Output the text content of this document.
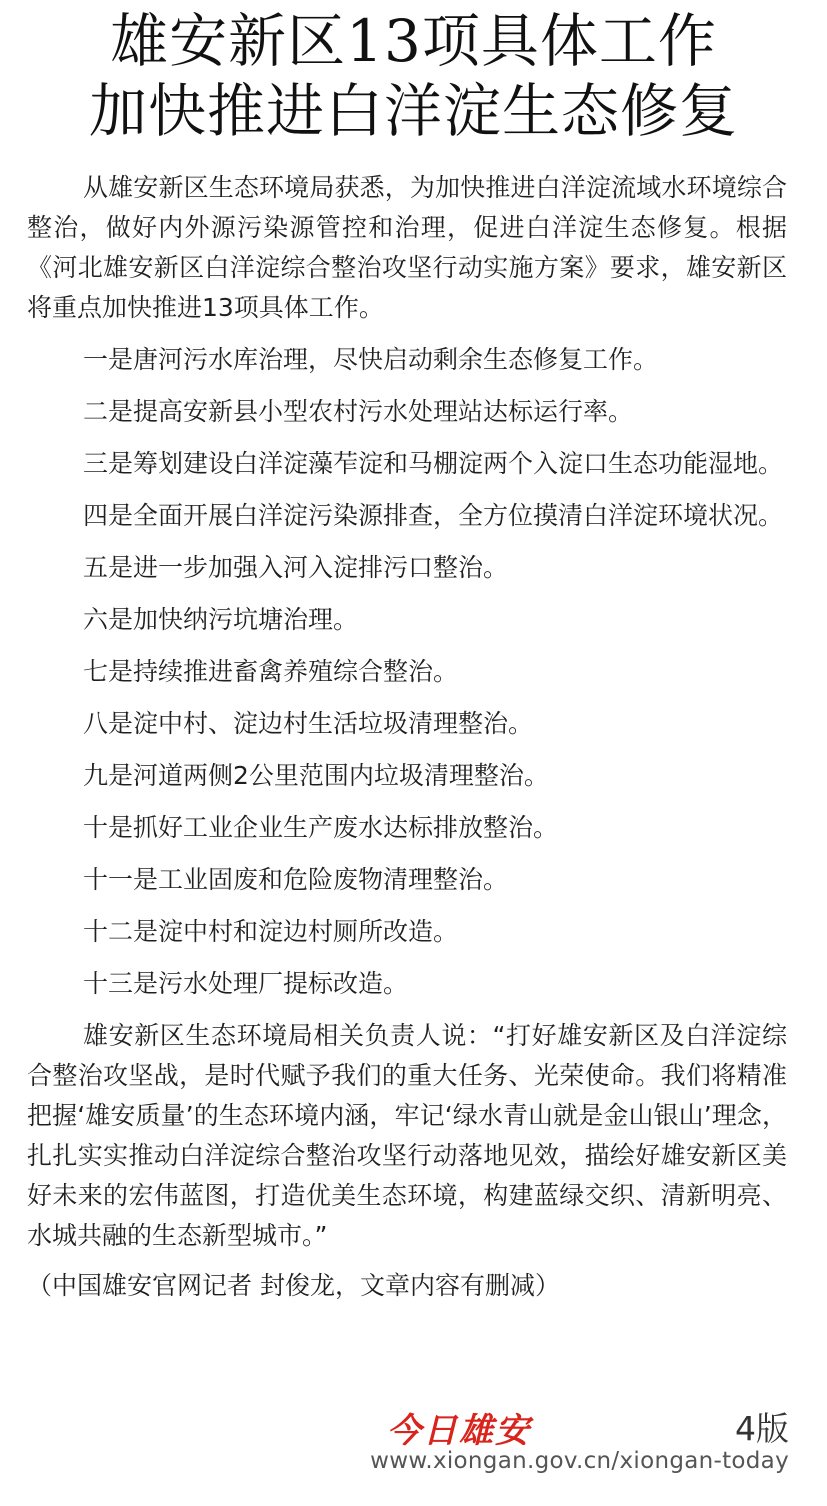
雄安新区13项具体工作
加快推进白洋淀生态修复

从雄安新区生态环境局获悉，为加快推进白洋淀流域水环境综合整治，做好内外源污染源管控和治理，促进白洋淀生态修复。根据《河北雄安新区白洋淀综合整治攻坚行动实施方案》要求，雄安新区将重点加快推进13项具体工作。

一是唐河污水库治理，尽快启动剩余生态修复工作。

二是提高安新县小型农村污水处理站达标运行率。

三是筹划建设白洋淀藻苲淀和马棚淀两个入淀口生态功能湿地。

四是全面开展白洋淀污染源排查，全方位摸清白洋淀环境状况。

五是进一步加强入河入淀排污口整治。

六是加快纳污坑塘治理。

七是持续推进畜禽养殖综合整治。

八是淀中村、淀边村生活垃圾清理整治。

九是河道两侧2公里范围内垃圾清理整治。

十是抓好工业企业生产废水达标排放整治。

十一是工业固废和危险废物清理整治。

十二是淀中村和淀边村厕所改造。

十三是污水处理厂提标改造。

雄安新区生态环境局相关负责人说：“打好雄安新区及白洋淀综合整治攻坚战，是时代赋予我们的重大任务、光荣使命。我们将精准把握‘雄安质量’的生态环境内涵，牢记‘绿水青山就是金山银山’理念，扎扎实实推动白洋淀综合整治攻坚行动落地见效，描绘好雄安新区美好未来的宏伟蓝图，打造优美生态环境，构建蓝绿交织、清新明亮、水城共融的生态新型城市。”

（中国雄安官网记者 封俊龙，文章内容有删减）

今日雄安	4版
www.xiongan.gov.cn/xiongan-today
